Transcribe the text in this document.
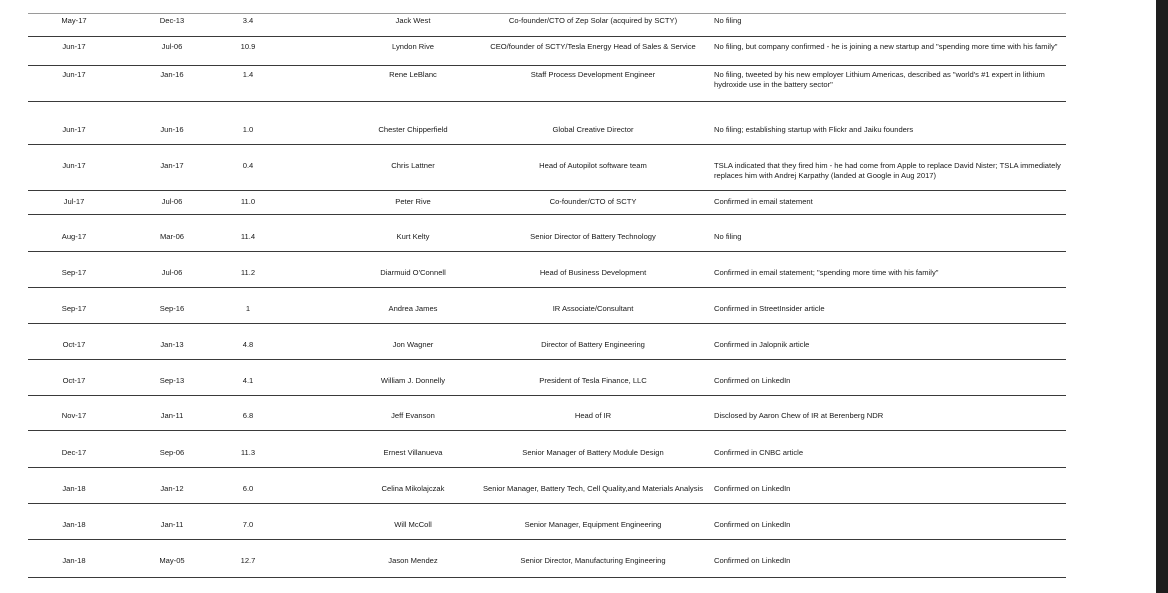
May-17	Dec-13	3.4	Jack West	Co-founder/CTO of Zep Solar (acquired by SCTY)	No filing
Jun-17	Jul-06	10.9	Lyndon Rive	CEO/founder of SCTY/Tesla Energy Head of Sales & Service	No filing, but company confirmed - he is joining a new startup and "spending more time with his family"
Jun-17	Jan-16	1.4	Rene LeBlanc	Staff Process Development Engineer	No filing, tweeted by his new employer Lithium Americas, described as "world's #1 expert in lithium hydroxide use in the battery sector"
Jun-17	Jun-16	1.0	Chester Chipperfield	Global Creative Director	No filing; establishing startup with Flickr and Jaiku founders
Jun-17	Jan-17	0.4	Chris Lattner	Head of Autopilot software team	TSLA indicated that they fired him - he had come from Apple to replace David Nister; TSLA immediately replaces him with Andrej Karpathy (landed at Google in Aug 2017)
Jul-17	Jul-06	11.0	Peter Rive	Co-founder/CTO of SCTY	Confirmed in email statement
Aug-17	Mar-06	11.4	Kurt Kelty	Senior Director of Battery Technology	No filing
Sep-17	Jul-06	11.2	Diarmuid O'Connell	Head of Business Development	Confirmed in email statement; "spending more time with his family"
Sep-17	Sep-16	1	Andrea James	IR Associate/Consultant	Confirmed in StreetInsider article
Oct-17	Jan-13	4.8	Jon Wagner	Director of Battery Engineering	Confirmed in Jalopnik article
Oct-17	Sep-13	4.1	William J. Donnelly	President of Tesla Finance, LLC	Confirmed on LinkedIn
Nov-17	Jan-11	6.8	Jeff Evanson	Head of IR	Disclosed by Aaron Chew of IR at Berenberg NDR
Dec-17	Sep-06	11.3	Ernest Villanueva	Senior Manager of Battery Module Design	Confirmed in CNBC article
Jan-18	Jan-12	6.0	Celina Mikolajczak	Senior Manager, Battery Tech, Cell Quality,and Materials Analysis	Confirmed on LinkedIn
Jan-18	Jan-11	7.0	Will McColl	Senior Manager, Equipment Engineering	Confirmed on LinkedIn
Jan-18	May-05	12.7	Jason Mendez	Senior Director, Manufacturing Engineering	Confirmed on LinkedIn
